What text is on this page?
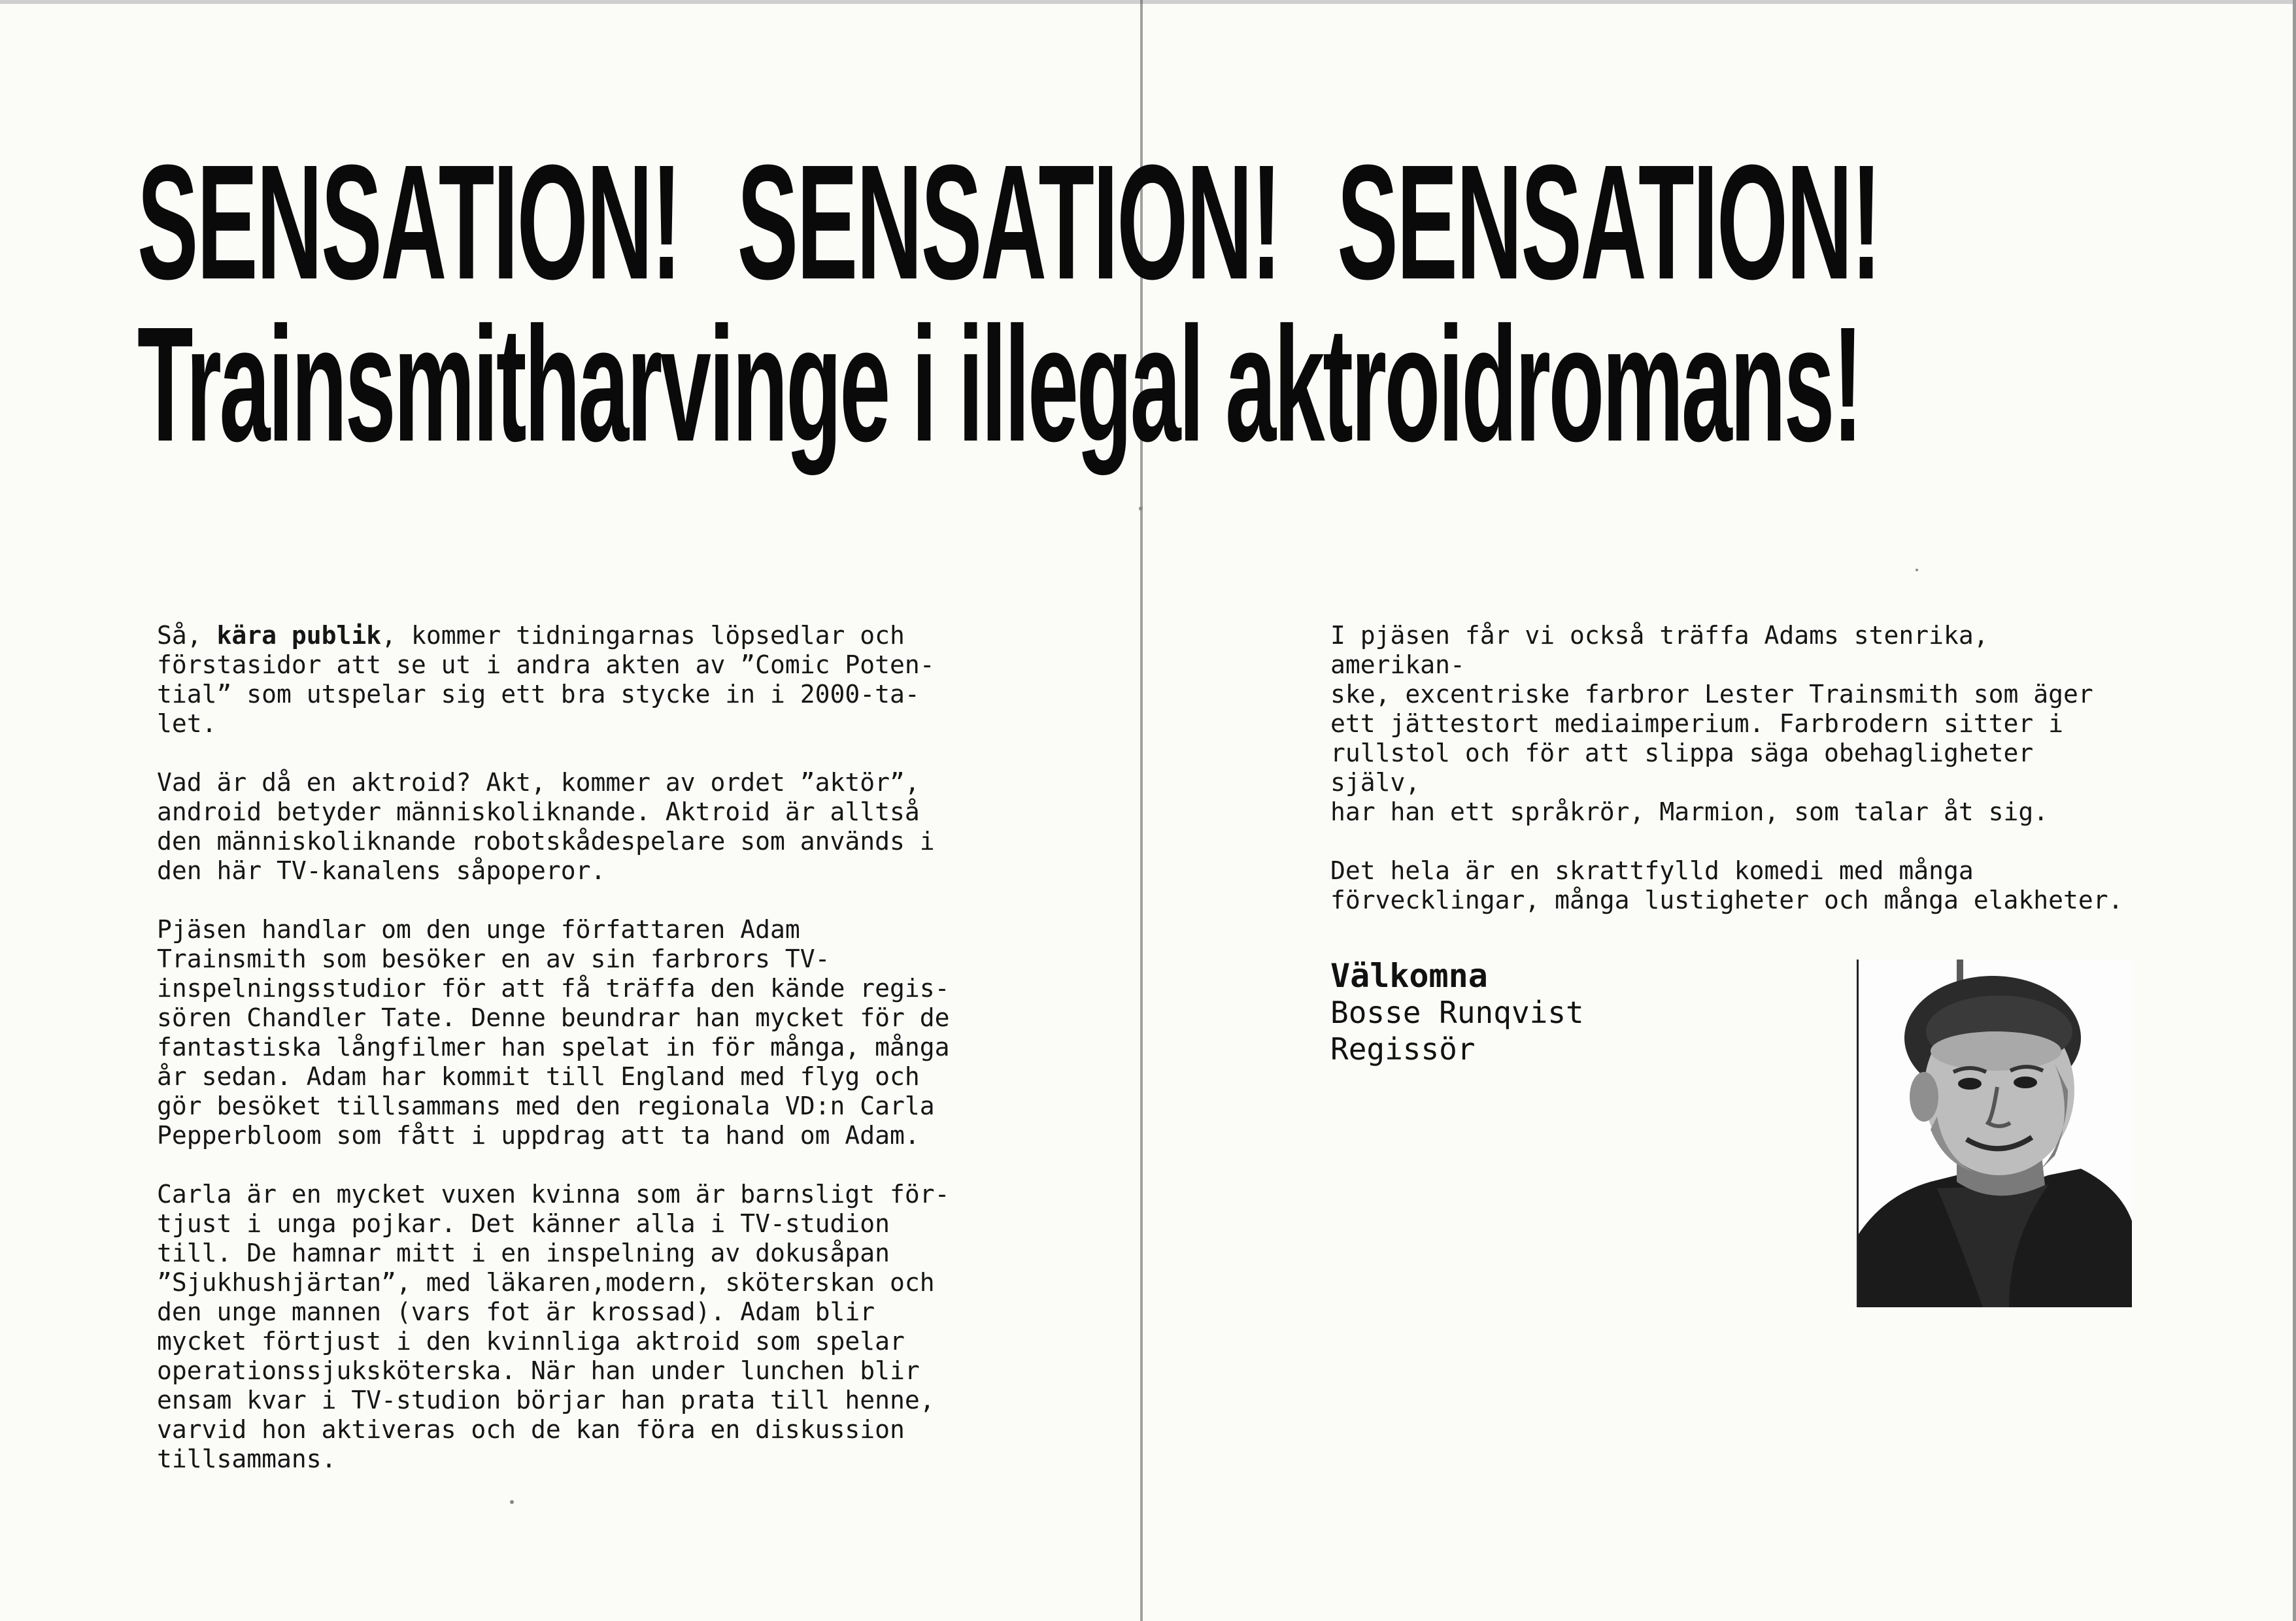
SENSATION! SENSATION! SENSATION!
Trainsmitharvinge i illegal aktroidromans!

Så, kära publik, kommer tidningarnas löpsedlar och
förstasidor att se ut i andra akten av ”Comic Poten-
tial” som utspelar sig ett bra stycke in i 2000-ta-
let.

Vad är då en aktroid? Akt, kommer av ordet ”aktör”,
android betyder människoliknande. Aktroid är alltså
den människoliknande robotskådespelare som används i
den här TV-kanalens såpoperor.

Pjäsen handlar om den unge författaren Adam
Trainsmith som besöker en av sin farbrors TV-
inspelningsstudior för att få träffa den kände regis-
sören Chandler Tate. Denne beundrar han mycket för de
fantastiska långfilmer han spelat in för många, många
år sedan. Adam har kommit till England med flyg och
gör besöket tillsammans med den regionala VD:n Carla
Pepperbloom som fått i uppdrag att ta hand om Adam.

Carla är en mycket vuxen kvinna som är barnsligt för-
tjust i unga pojkar. Det känner alla i TV-studion
till. De hamnar mitt i en inspelning av dokusåpan
”Sjukhushjärtan”, med läkaren,modern, sköterskan och
den unge mannen (vars fot är krossad). Adam blir
mycket förtjust i den kvinnliga aktroid som spelar
operationssjuksköterska. När han under lunchen blir
ensam kvar i TV-studion börjar han prata till henne,
varvid hon aktiveras och de kan föra en diskussion
tillsammans.

I pjäsen får vi också träffa Adams stenrika, amerikan-
ske, excentriske farbror Lester Trainsmith som äger
ett jättestort mediaimperium. Farbrodern sitter i
rullstol och för att slippa säga obehagligheter själv,
har han ett språkrör, Marmion, som talar åt sig.

Det hela är en skrattfylld komedi med många
förvecklingar, många lustigheter och många elakheter.

Välkomna
Bosse Runqvist
Regissör
